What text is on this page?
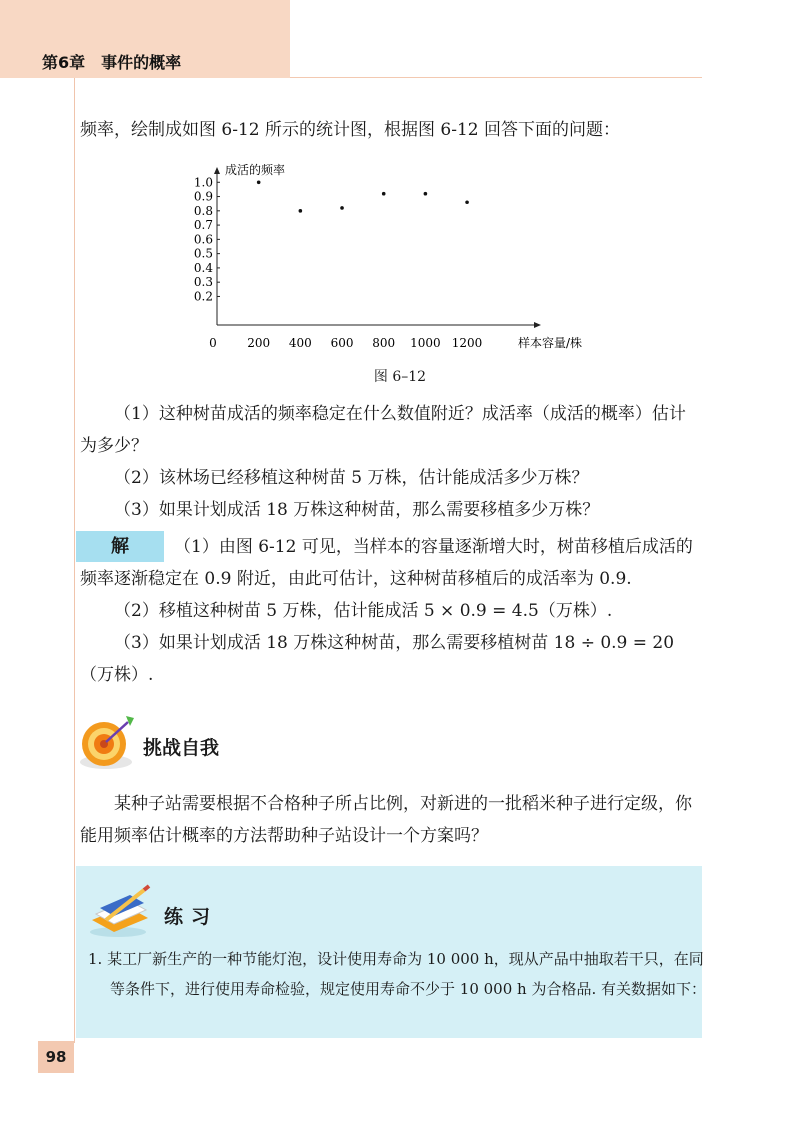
第6章　事件的概率

频率，绘制成如图 6-12 所示的统计图，根据图 6-12 回答下面的问题：

成活的频率
样本容量/株
0.2
0.3
0.4
0.5
0.6
0.7
0.8
0.9
1.0
0	200 400 600 800 1000 1200
图 6–12

（1）这种树苗成活的频率稳定在什么数值附近？成活率（成活的概率）估计为多少？

（2）该林场已经移植这种树苗 5 万株，估计能成活多少万株？

（3）如果计划成活 18 万株这种树苗，那么需要移植多少万株？

解	（1）由图 6-12 可见，当样本的容量逐渐增大时，树苗移植后成活的频率逐渐稳定在 0.9 附近，由此可估计，这种树苗移植后的成活率为 0.9.

（2）移植这种树苗 5 万株，估计能成活 5 × 0.9 = 4.5（万株）.

（3）如果计划成活 18 万株这种树苗，那么需要移植树苗 18 ÷ 0.9 = 20（万株）.

挑战自我

某种子站需要根据不合格种子所占比例，对新进的一批稻米种子进行定级，你能用频率估计概率的方法帮助种子站设计一个方案吗？

练习

1. 某工厂新生产的一种节能灯泡，设计使用寿命为 10 000 h，现从产品中抽取若干只，在同等条件下，进行使用寿命检验，规定使用寿命不少于 10 000 h 为合格品. 有关数据如下：

98
